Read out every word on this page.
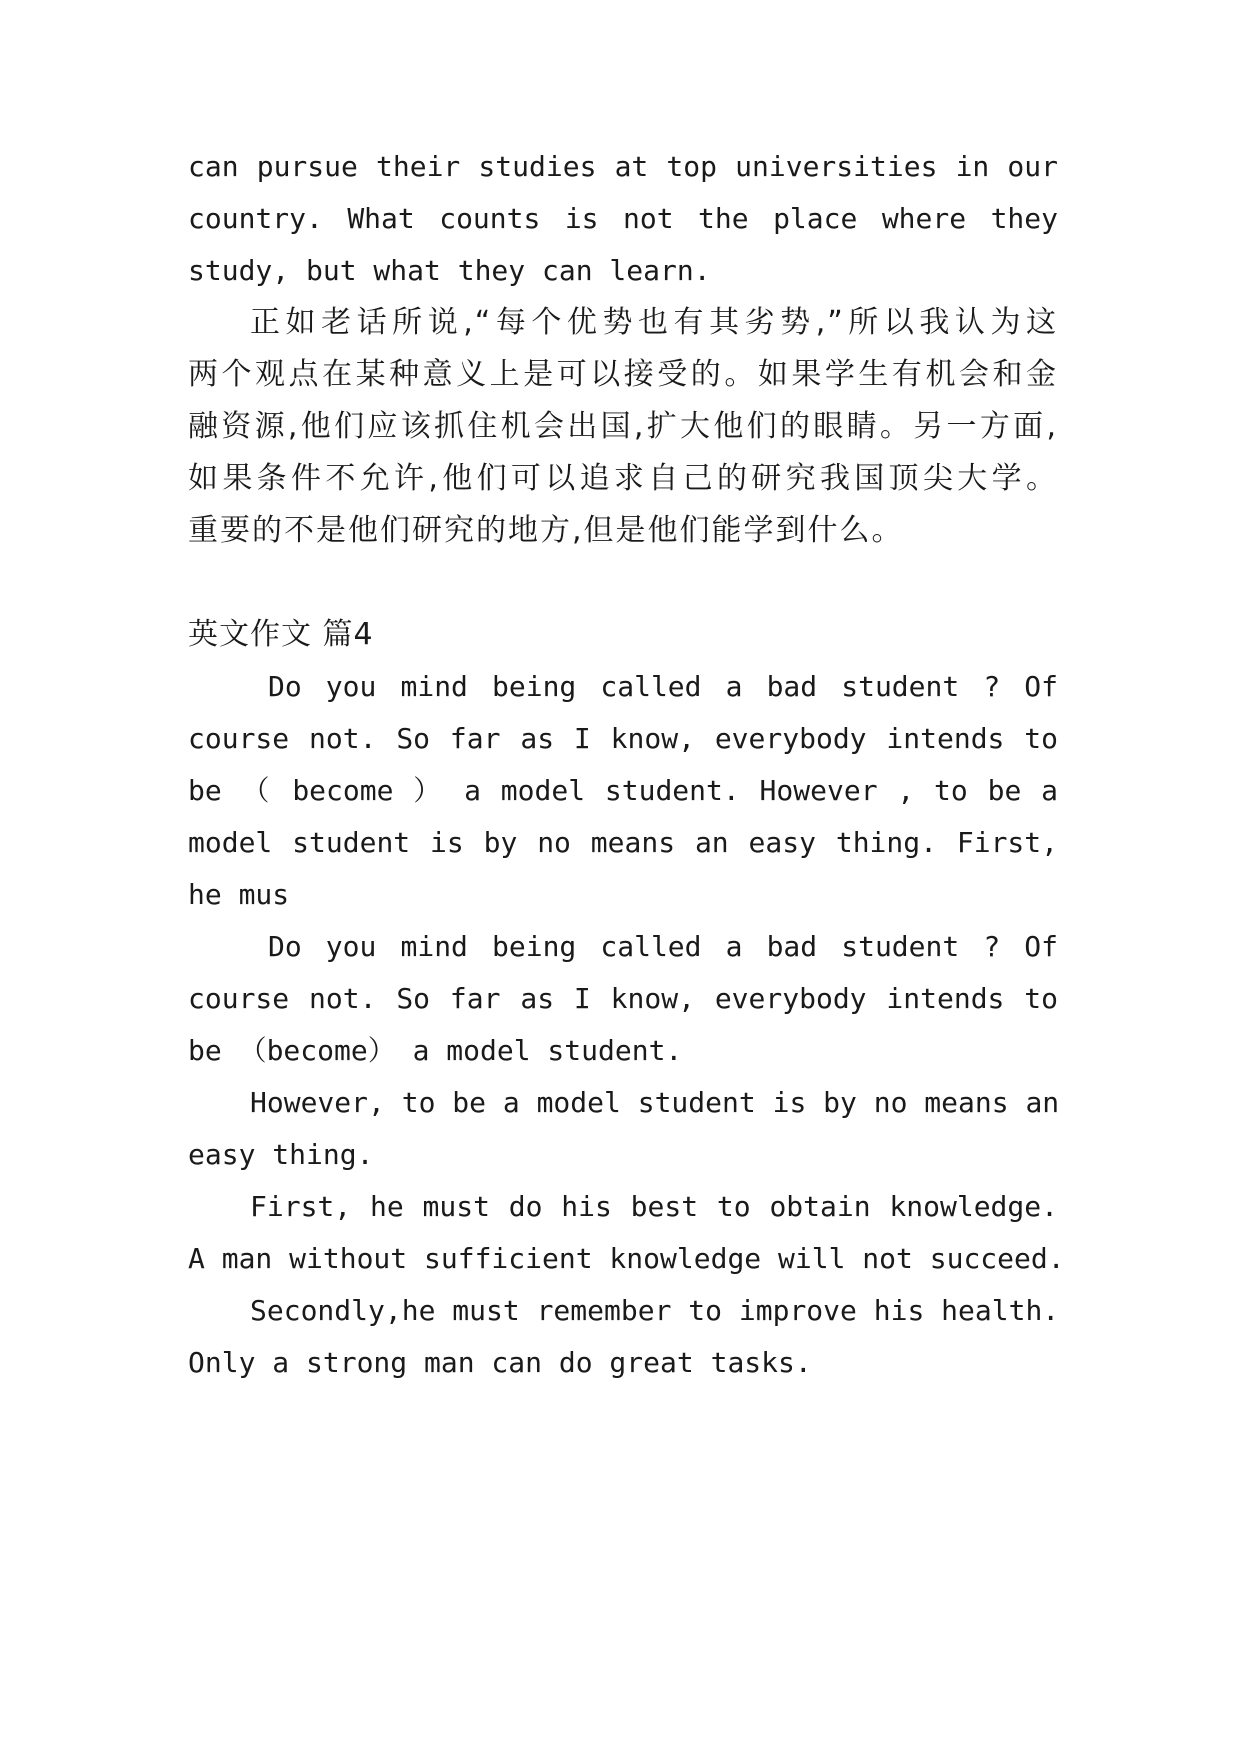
can pursue their studies at top universities in our
country. What counts is not the place where they
study, but what they can learn.
正如老话所说,“每个优势也有其劣势,”所以我认为这
两个观点在某种意义上是可以接受的。如果学生有机会和金
融资源,他们应该抓住机会出国,扩大他们的眼睛。另一方面,
如果条件不允许,他们可以追求自己的研究我国顶尖大学。
重要的不是他们研究的地方,但是他们能学到什么。
英文作文 篇4
Do you mind being called a bad student ? Of
course not. So far as I know, everybody intends to
be （ become ） a model student. However , to be a
model student is by no means an easy thing. First,
he mus
Do you mind being called a bad student ? Of
course not. So far as I know, everybody intends to
be （become） a model student.
However, to be a model student is by no means an
easy thing.
First, he must do his best to obtain knowledge.
A man without sufficient knowledge will not succeed.
Secondly,he must remember to improve his health.
Only a strong man can do great tasks.
